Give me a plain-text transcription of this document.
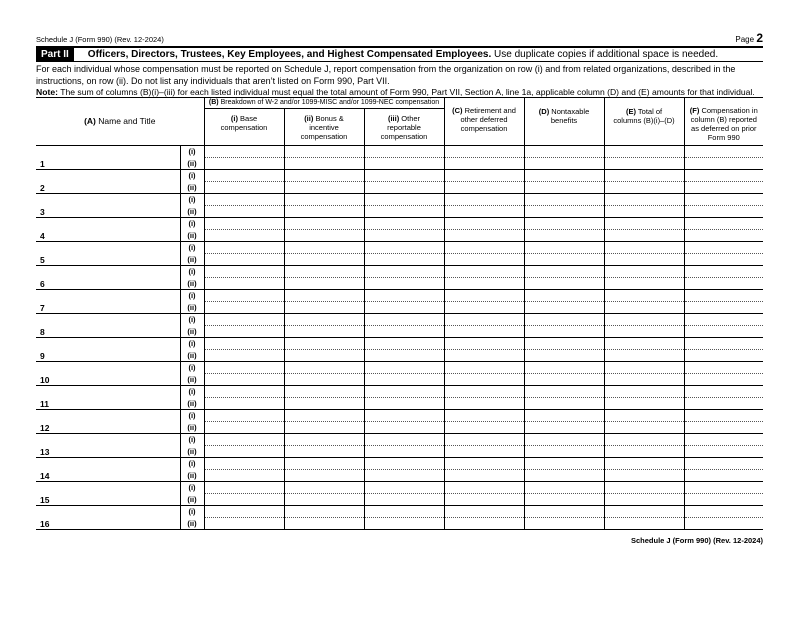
Schedule J (Form 990) (Rev. 12-2024)	Page 2
Part II Officers, Directors, Trustees, Key Employees, and Highest Compensated Employees. Use duplicate copies if additional space is needed.
For each individual whose compensation must be reported on Schedule J, report compensation from the organization on row (i) and from related organizations, described in the instructions, on row (ii). Do not list any individuals that aren’t listed on Form 990, Part VII.
Note: The sum of columns (B)(i)–(iii) for each listed individual must equal the total amount of Form 990, Part VII, Section A, line 1a, applicable column (D) and (E) amounts for that individual.
(A) Name and Title		(B) Breakdown of W-2 and/or 1099-MISC and/or 1099-NEC compensation			(C) Retirement and other deferred compensation	(D) Nontaxable benefits	(E) Total of columns (B)(i)–(D)	(F) Compensation in column (B) reported as deferred on prior Form 990
		(i) Base compensation	(ii) Bonus & incentive compensation	(iii) Other reportable compensation				
1	(i)							
	(ii)							
2	(i)							
	(ii)							
3	(i)							
	(ii)							
4	(i)							
	(ii)							
5	(i)							
	(ii)							
6	(i)							
	(ii)							
7	(i)							
	(ii)							
8	(i)							
	(ii)							
9	(i)							
	(ii)							
10	(i)							
	(ii)							
11	(i)							
	(ii)							
12	(i)							
	(ii)							
13	(i)							
	(ii)							
14	(i)							
	(ii)							
15	(i)							
	(ii)							
16	(i)							
	(ii)							
Schedule J (Form 990) (Rev. 12-2024)
